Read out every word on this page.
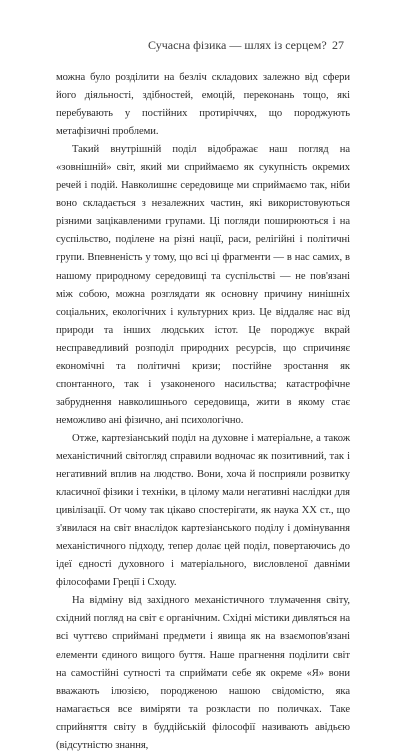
Сучасна фізика — шлях із серцем? 27

можна було розділити на безліч складових залежно від сфери його діяльності, здібностей, емоцій, переконань тощо, які перебувають у постійних протиріччях, що породжують метафізичні проблеми.

Такий внутрішній поділ відображає наш погляд на «зовнішній» світ, який ми сприймаємо як сукупність окремих речей і подій. Навколишнє середовище ми сприймаємо так, ніби воно складається з незалежних частин, які використовуються різними зацікавленими групами. Ці погляди поширюються і на суспільство, поділене на різні нації, раси, релігійні і політичні групи. Впевненість у тому, що всі ці фрагменти — в нас самих, в нашому природному середовищі та суспільстві — не пов'язані між собою, можна розглядати як основну причину нинішніх соціальних, екологічних і культурних криз. Це віддаляє нас від природи та інших людських істот. Це породжує вкрай несправедливий розподіл природних ресурсів, що спричиняє економічні та політичні кризи; постійне зростання як спонтанного, так і узаконеного насильства; катастрофічне забруднення навколишнього середовища, жити в якому стає неможливо ані фізично, ані психологічно.

Отже, картезіанський поділ на духовне і матеріальне, а також механістичний світогляд справили водночас як позитивний, так і негативний вплив на людство. Вони, хоча й посприяли розвитку класичної фізики і техніки, в цілому мали негативні наслідки для цивілізації. От чому так цікаво спостерігати, як наука XX ст., що з'явилася на світ внаслідок картезіанського поділу і домінування механістичного підходу, тепер долає цей поділ, повертаючись до ідеї єдності духовного і матеріального, висловленої давніми філософами Греції і Сходу.

На відміну від західного механістичного тлумачення світу, східний погляд на світ є органічним. Східні містики дивляться на всі чуттєво сприймані предмети і явища як на взаємопов'язані елементи єдиного вищого буття. Наше прагнення поділити світ на самостійні сутності та сприймати себе як окреме «Я» вони вважають ілюзією, породженою нашою свідомістю, яка намагається все виміряти та розкласти по поличках. Таке сприйняття світу в буддійській філософії називають авідьєю (відсутністю знання,
